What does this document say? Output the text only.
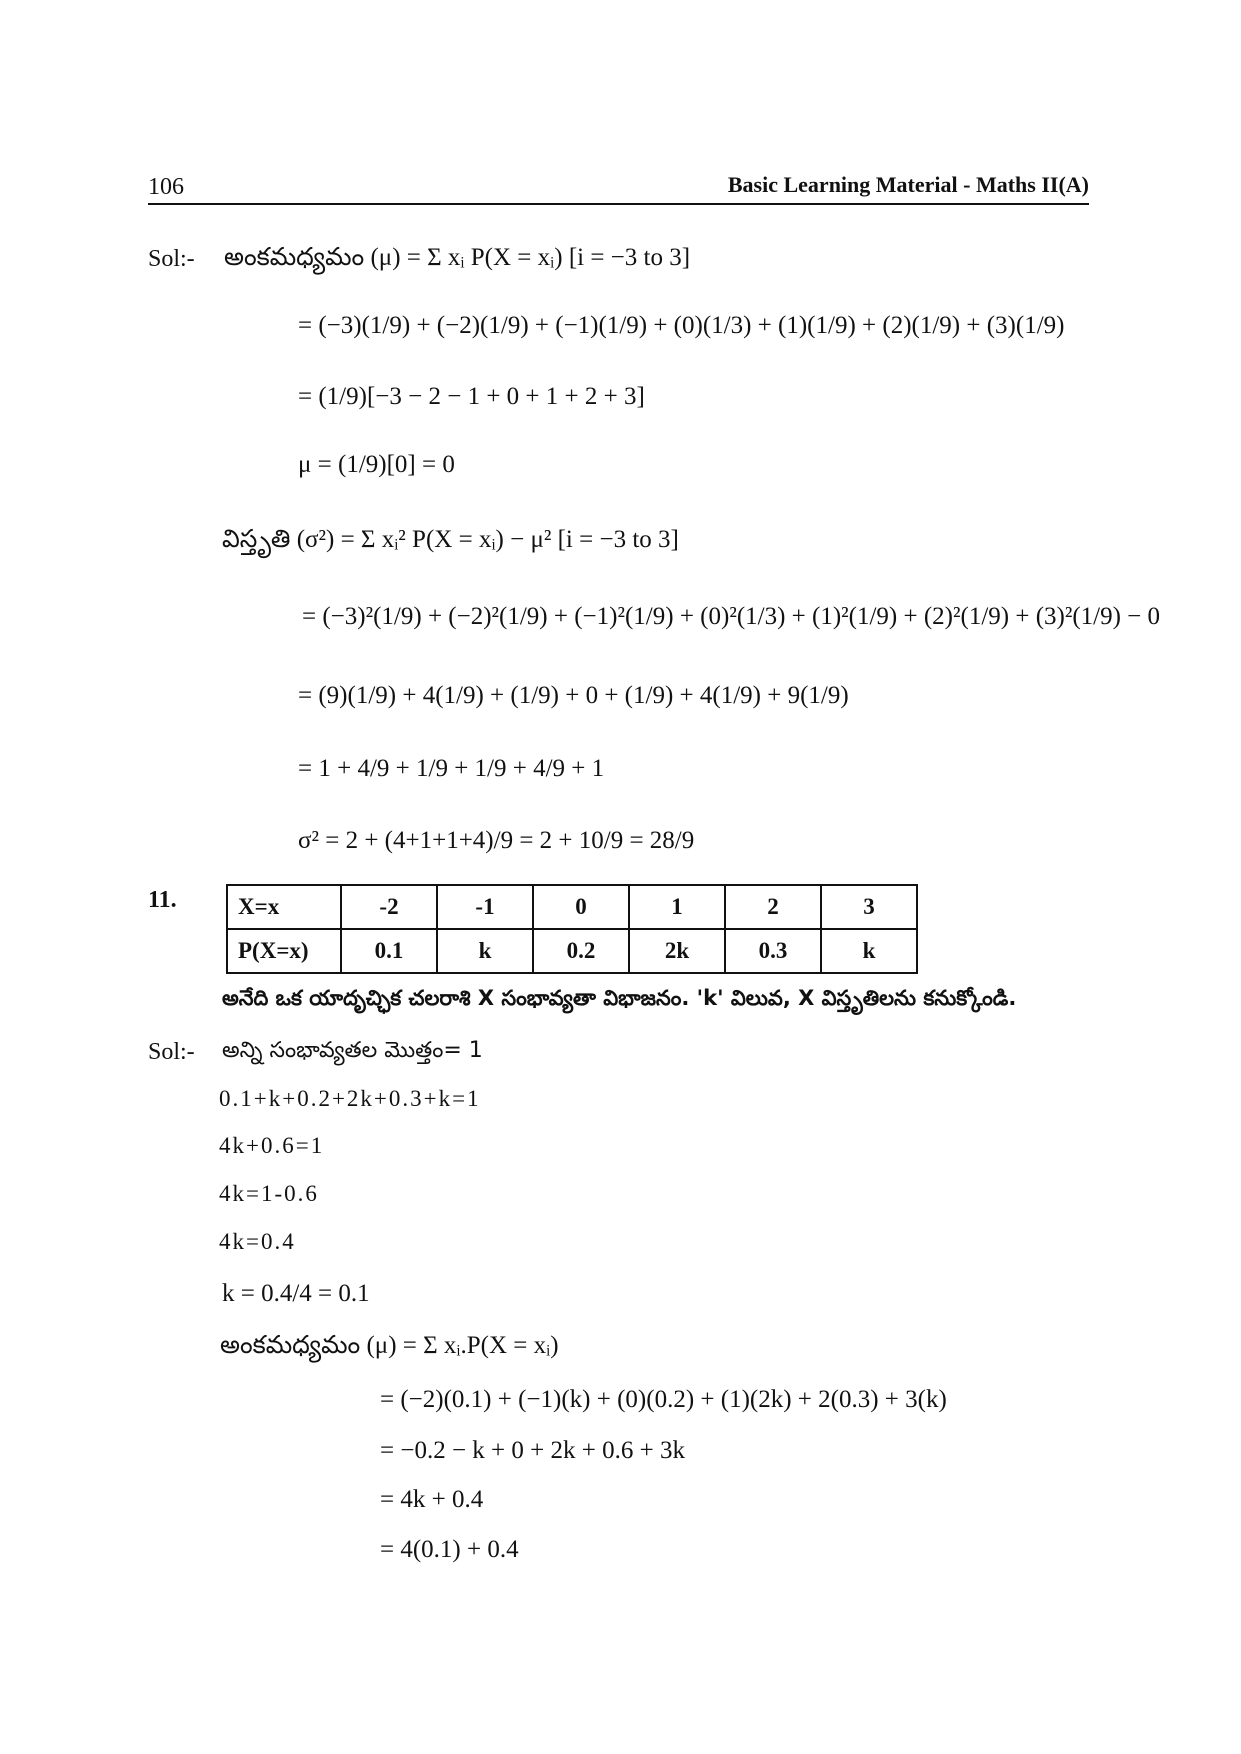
106	Basic Learning Material - Maths II(A)
Sol:- అంకమధ్యమం (μ) = Σ xᵢ P(X = xᵢ) [i = −3 to 3]
= (−3)(1/9) + (−2)(1/9) + (−1)(1/9) + (0)(1/3) + (1)(1/9) + (2)(1/9) + (3)(1/9)
= (1/9)[−3 − 2 − 1 + 0 + 1 + 2 + 3]
μ = (1/9)[0] = 0
విస్తృతి (σ²) = Σ xᵢ² P(X = xᵢ) − μ² [i = −3 to 3]
= (−3)²(1/9) + (−2)²(1/9) + (−1)²(1/9) + (0)²(1/3) + (1)²(1/9) + (2)²(1/9) + (3)²(1/9) − 0
= (9)(1/9) + 4(1/9) + (1/9) + 0 + (1/9) + 4(1/9) + 9(1/9)
= 1 + 4/9 + 1/9 + 1/9 + 4/9 + 1
σ² = 2 + (4+1+1+4)/9 = 2 + 10/9 = 28/9
11.	X=x	-2	-1	0	1	2	3
P(X=x)	0.1	k	0.2	2k	0.3	k
అనేది ఒక యాదృచ్ఛిక చలరాశి X సంభావ్యతా విభాజనం. 'k' విలువ, X విస్తృతిలను కనుక్కోండి.
Sol:- అన్ని సంభావ్యతల మొత్తం= 1
0.1+k+0.2+2k+0.3+k=1
4k+0.6=1
4k=1-0.6
4k=0.4
k = 0.4/4 = 0.1
అంకమధ్యమం (μ) = Σ xᵢ.P(X = xᵢ)
= (−2)(0.1) + (−1)(k) + (0)(0.2) + (1)(2k) + 2(0.3) + 3(k)
= −0.2 − k + 0 + 2k + 0.6 + 3k
= 4k + 0.4
= 4(0.1) + 0.4
